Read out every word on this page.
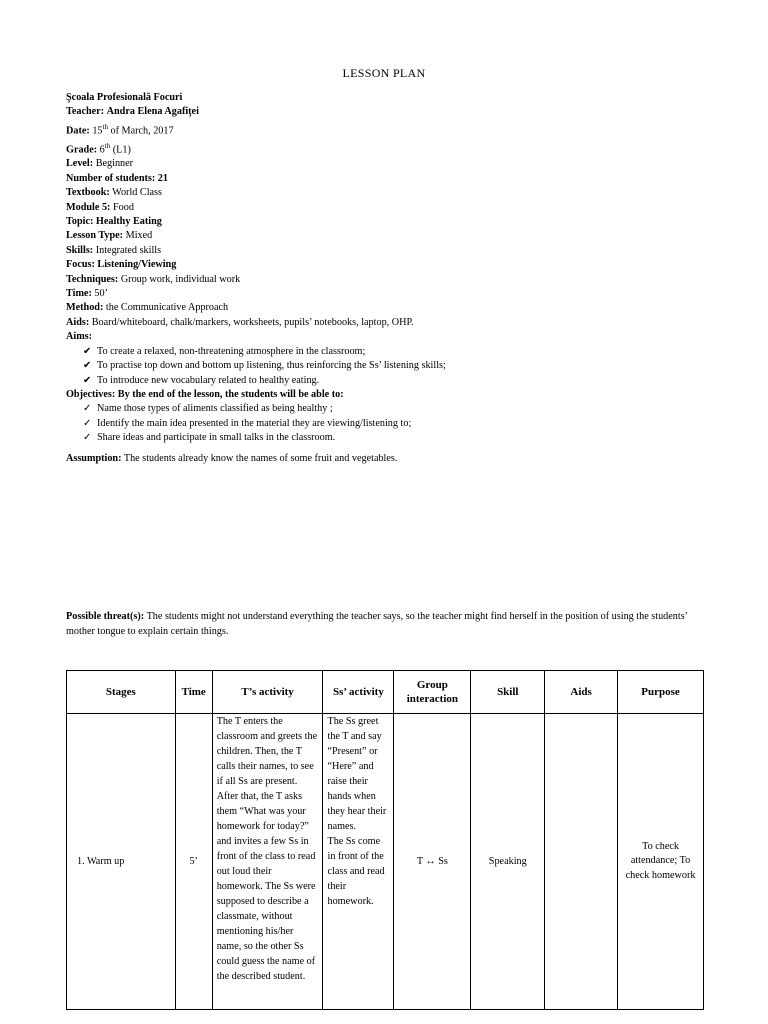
LESSON PLAN
Şcoala Profesională Focuri
Teacher: Andra Elena Agafiţei
Date: 15th of March, 2017
Grade: 6th (L1)
Level: Beginner
Number of students: 21
Textbook: World Class
Module 5: Food
Topic: Healthy Eating
Lesson Type: Mixed
Skills: Integrated skills
Focus: Listening/Viewing
Techniques: Group work, individual work
Time: 50’
Method: the Communicative Approach
Aids: Board/whiteboard, chalk/markers, worksheets, pupils’ notebooks, laptop, OHP.
Aims:
✔ To create a relaxed, non-threatening atmosphere in the classroom;
✔ To practise top down and bottom up listening, thus reinforcing the Ss’ listening skills;
✔ To introduce new vocabulary related to healthy eating.
Objectives: By the end of the lesson, the students will be able to:
✓ Name those types of aliments classified as being healthy ;
✓ Identify the main idea presented in the material they are viewing/listening to;
✓ Share ideas and participate in small talks in the classroom.
Assumption: The students already know the names of some fruit and vegetables.
Possible threat(s): The students might not understand everything the teacher says, so the teacher might find herself in the position of using the students’ mother tongue to explain certain things.
Stages	Time	T’s activity	Ss’ activity	Group interaction	Skill	Aids	Purpose
1. Warm up	5’	The T enters the classroom and greets the children. Then, the T calls their names, to see if all Ss are present.
After that, the T asks them “What was your homework for today?” and invites a few Ss in front of the class to read out loud their homework. The Ss were supposed to describe a classmate, without mentioning his/her name, so the other Ss could guess the name of the described student.	The Ss greet the T and say “Present” or “Here” and raise their hands when they hear their names.
The Ss come in front of the class and read their homework.	T ↔ Ss	Speaking		To check attendance; To check homework
